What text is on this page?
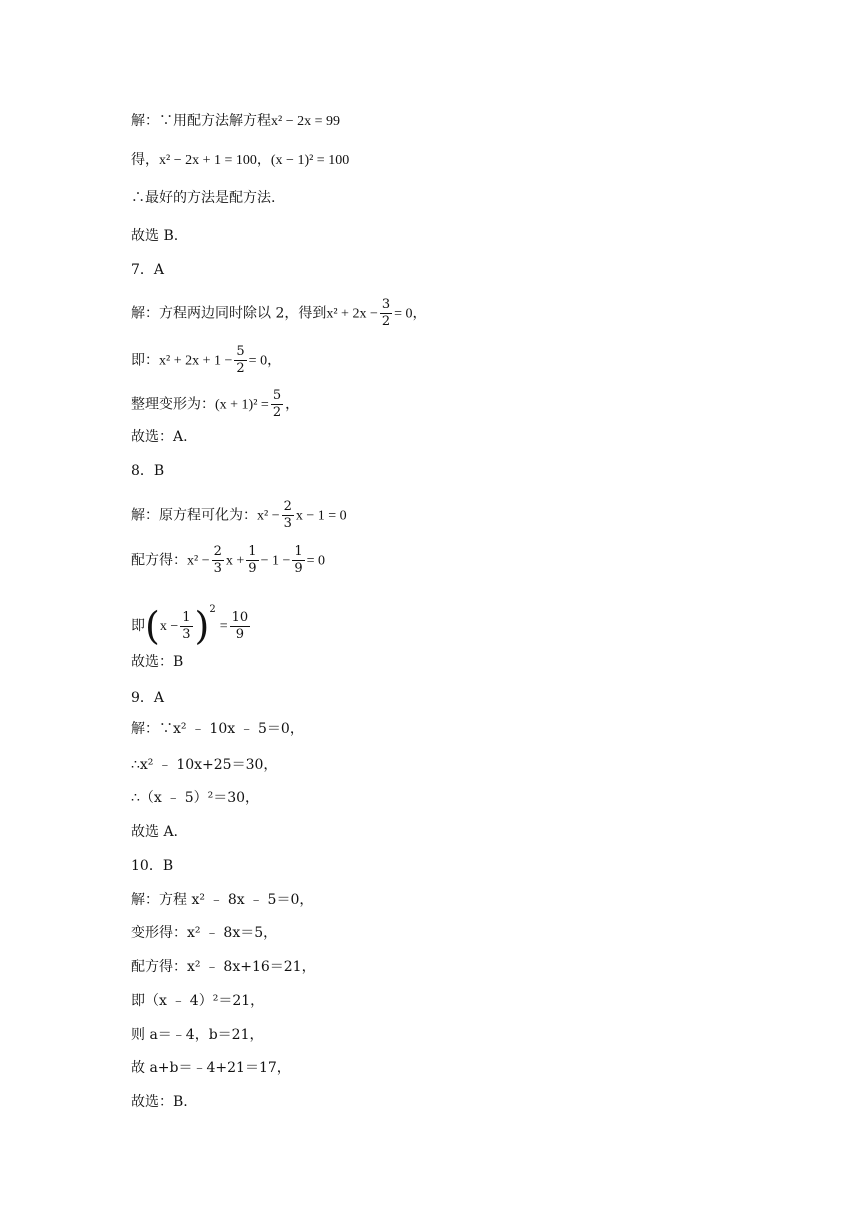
解：∵用配方法解方程x² − 2x = 99
得，x² − 2x + 1 = 100，(x − 1)² = 100
∴最好的方法是配方法.
故选 B.
7．A
解：方程两边同时除以 2，得到$x^2 + 2x - \frac{3}{2} = 0$，
即：$x^2 + 2x + 1 - \frac{5}{2} = 0$，
整理变形为：$(x + 1)^2 = \frac{5}{2}$ ，
故选：A.
8．B
解：原方程可化为：$x^2 - \frac{2}{3}$ x − 1 = 0
配方得：$x^2 - \frac{2}{3}$ $x + \frac{1}{9} - 1 - \frac{1}{9} = 0$
即$(x - \frac{1}{3} )^2= \frac{10}{9}$
故选：B
9．A
解：∵x² ﹣ 10x ﹣ 5＝0，
∴x² ﹣ 10x+25＝30，
∴（x ﹣ 5）²＝30，
故选 A.
10．B
解：方程 x² ﹣ 8x ﹣ 5＝0，
变形得：x² ﹣ 8x＝5，
配方得：x² ﹣ 8x+16＝21，
即（x ﹣ 4）²＝21，
则 a＝﹣4，b＝21，
故 a+b＝﹣4+21＝17，
故选：B.
